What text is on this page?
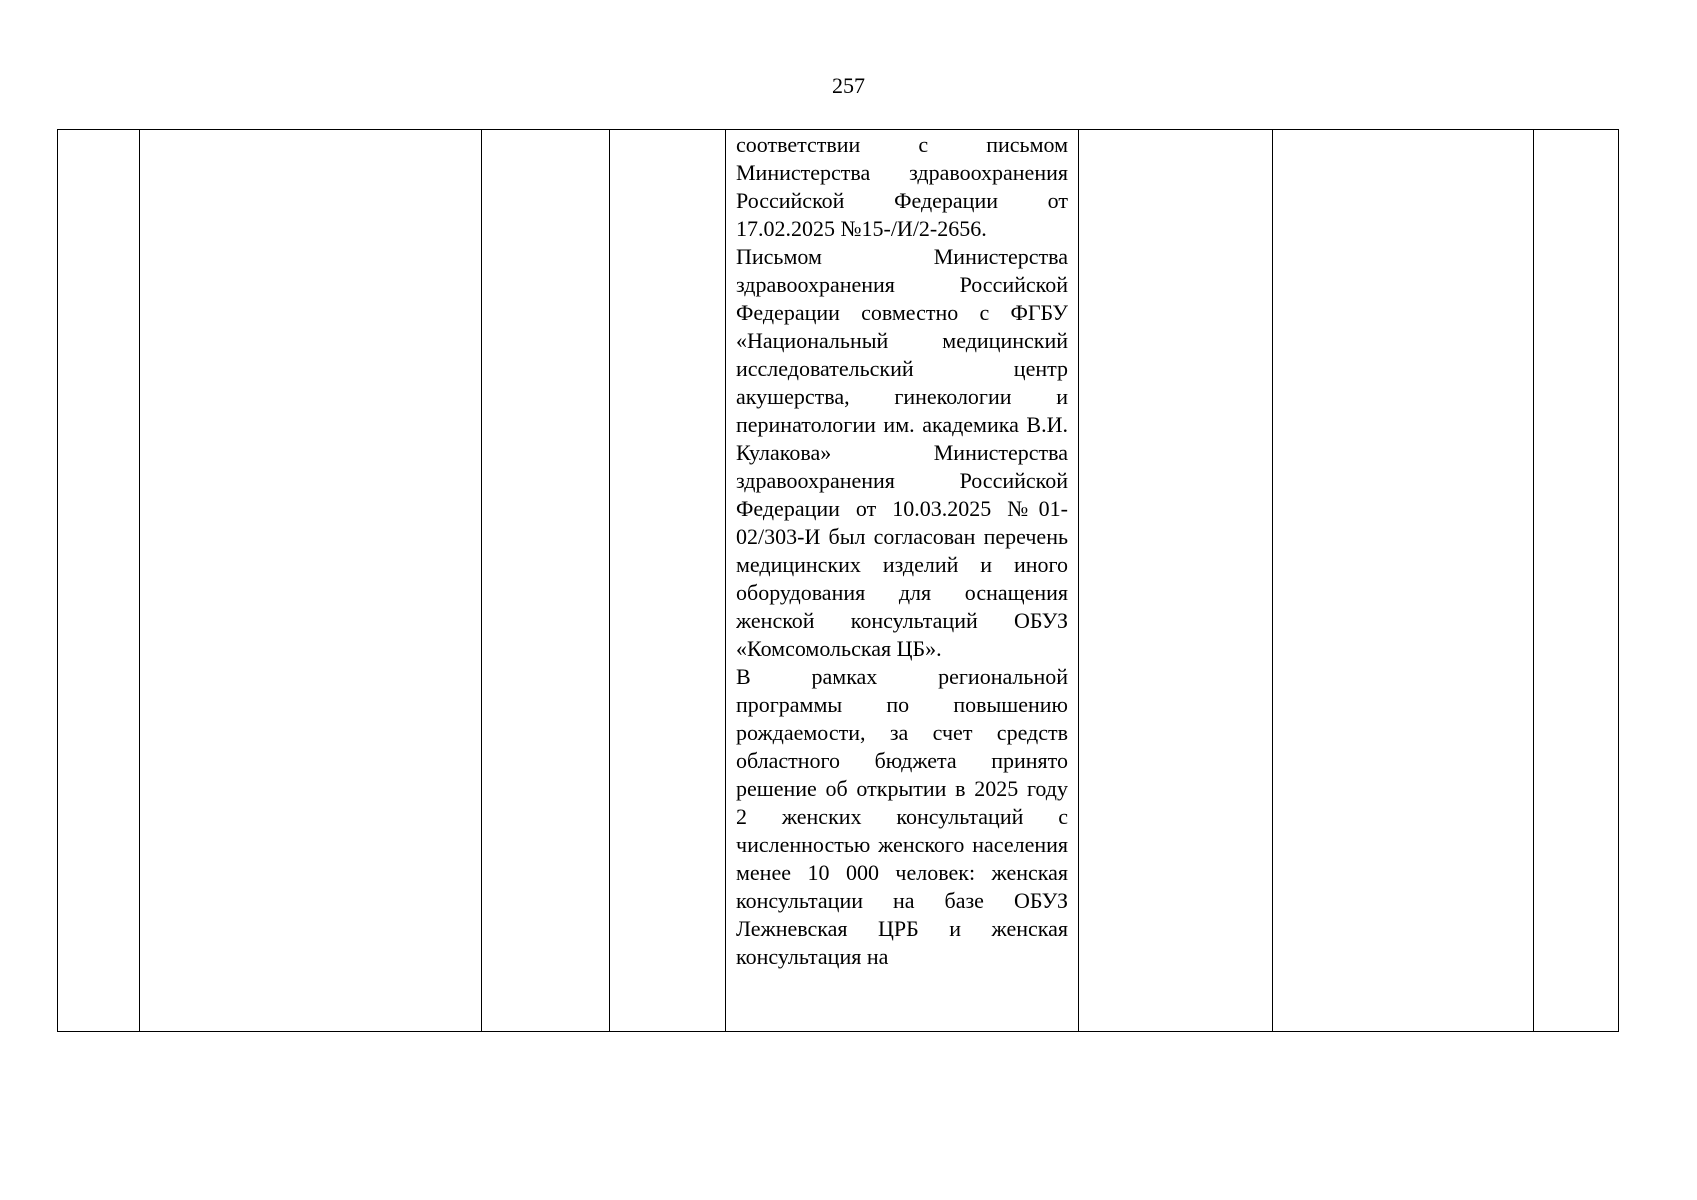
257

соответствии с письмом Министерства здравоохранения Российской Федерации от 17.02.2025 №15-/И/2-2656.

Письмом Министерства здравоохранения Российской Федерации совместно с ФГБУ «Национальный медицинский исследовательский центр акушерства, гинекологии и перинатологии им. академика В.И. Кулакова» Министерства здравоохранения Российской Федерации от 10.03.2025 №01-02/303-И был согласован перечень медицинских изделий и иного оборудования для оснащения женской консультаций ОБУЗ «Комсомольская ЦБ».

В рамках региональной программы по повышению рождаемости, за счет средств областного бюджета принято решение об открытии в 2025 году 2 женских консультаций с численностью женского населения менее 10 000 человек: женская консультации на базе ОБУЗ Лежневская ЦРБ и женская консультация на
